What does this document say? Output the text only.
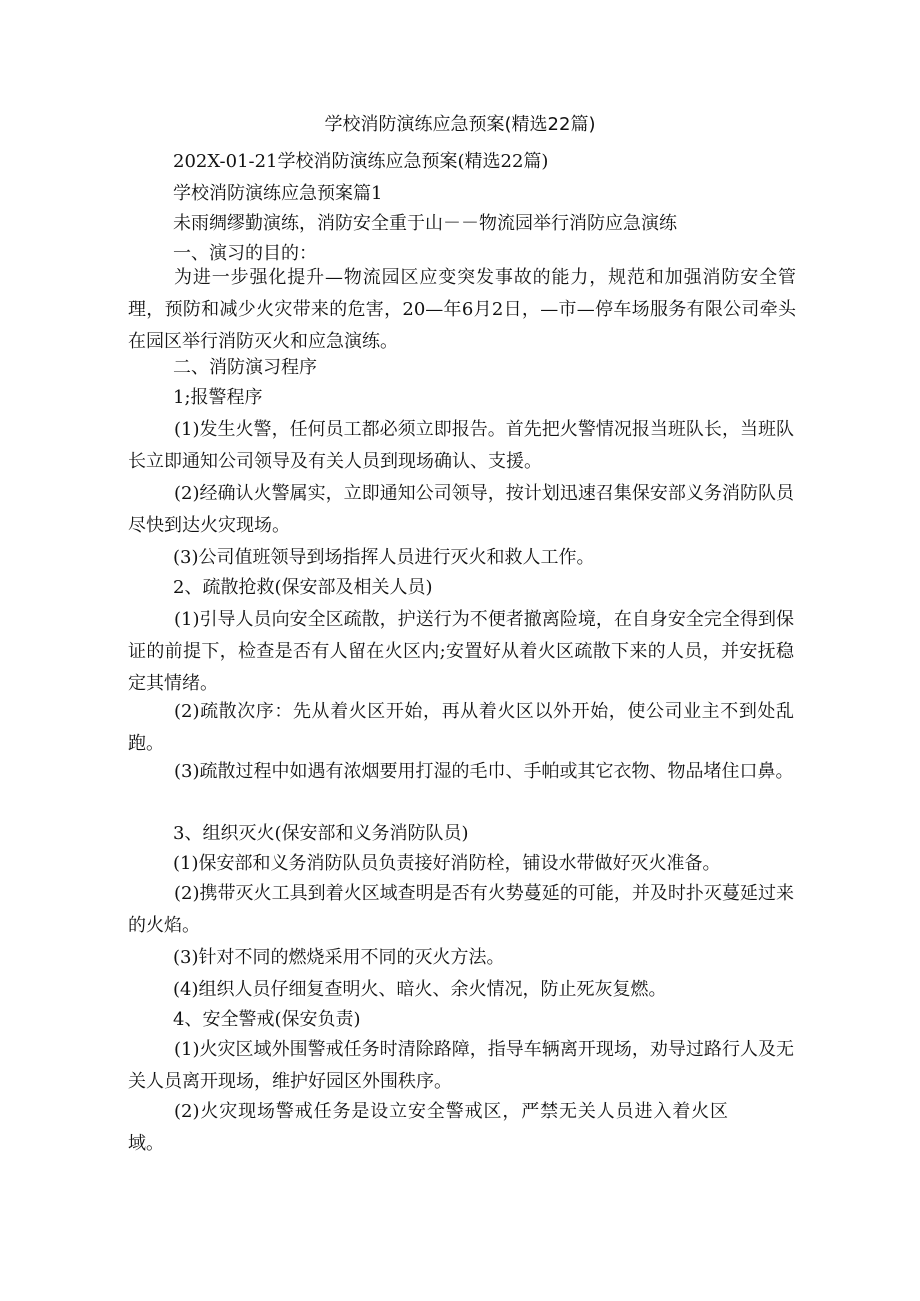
学校消防演练应急预案(精选22篇)
202X-01-21学校消防演练应急预案(精选22篇)
学校消防演练应急预案篇1
未雨绸缪勤演练，消防安全重于山－－物流园举行消防应急演练
一、演习的目的：
为进一步强化提升—物流园区应变突发事故的能力，规范和加强消防安全管理，预防和减少火灾带来的危害，20—年6月2日，—市—停车场服务有限公司牵头在园区举行消防灭火和应急演练。
二、消防演习程序
1;报警程序
(1)发生火警，任何员工都必须立即报告。首先把火警情况报当班队长，当班队长立即通知公司领导及有关人员到现场确认、支援。
(2)经确认火警属实，立即通知公司领导，按计划迅速召集保安部义务消防队员尽快到达火灾现场。
(3)公司值班领导到场指挥人员进行灭火和救人工作。
2、疏散抢救(保安部及相关人员)
(1)引导人员向安全区疏散，护送行为不便者撤离险境，在自身安全完全得到保证的前提下，检查是否有人留在火区内;安置好从着火区疏散下来的人员，并安抚稳定其情绪。
(2)疏散次序：先从着火区开始，再从着火区以外开始，使公司业主不到处乱跑。
(3)疏散过程中如遇有浓烟要用打湿的毛巾、手帕或其它衣物、物品堵住口鼻。
3、组织灭火(保安部和义务消防队员)
(1)保安部和义务消防队员负责接好消防栓，铺设水带做好灭火准备。
(2)携带灭火工具到着火区域查明是否有火势蔓延的可能，并及时扑灭蔓延过来的火焰。
(3)针对不同的燃烧采用不同的灭火方法。
(4)组织人员仔细复查明火、暗火、余火情况，防止死灰复燃。
4、安全警戒(保安负责)
(1)火灾区域外围警戒任务时清除路障，指导车辆离开现场，劝导过路行人及无关人员离开现场，维护好园区外围秩序。
(2)火灾现场警戒任务是设立安全警戒区，严禁无关人员进入着火区域。
